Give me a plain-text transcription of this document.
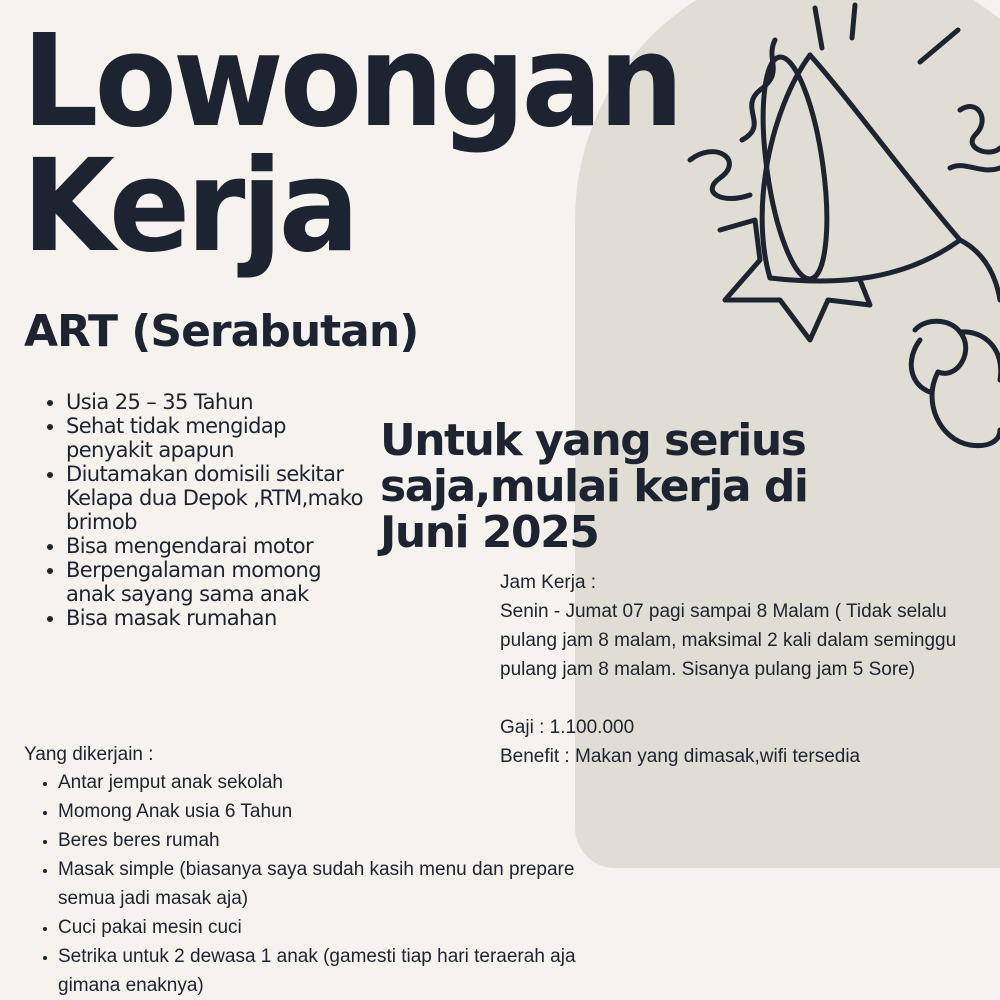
Lowongan
Kerja
ART (Serabutan)
• Usia 25 – 35 Tahun
• Sehat tidak mengidap penyakit apapun
• Diutamakan domisili sekitar Kelapa dua Depok ,RTM,mako brimob
• Bisa mengendarai motor
• Berpengalaman momong anak sayang sama anak
• Bisa masak rumahan
Untuk yang serius saja,mulai kerja di Juni 2025

Jam Kerja :

Senin - Jumat 07 pagi sampai 8 Malam ( Tidak selalu pulang jam 8 malam, maksimal 2 kali dalam seminggu pulang jam 8 malam. Sisanya pulang jam 5 Sore)

Gaji : 1.100.000

Benefit : Makan yang dimasak,wifi tersedia

Yang dikerjain :
• Antar jemput anak sekolah
• Momong Anak usia 6 Tahun
• Beres beres rumah
• Masak simple (biasanya saya sudah kasih menu dan prepare semua jadi masak aja)
• Cuci pakai mesin cuci
• Setrika untuk 2 dewasa 1 anak (gamesti tiap hari teraerah aja gimana enaknya)
